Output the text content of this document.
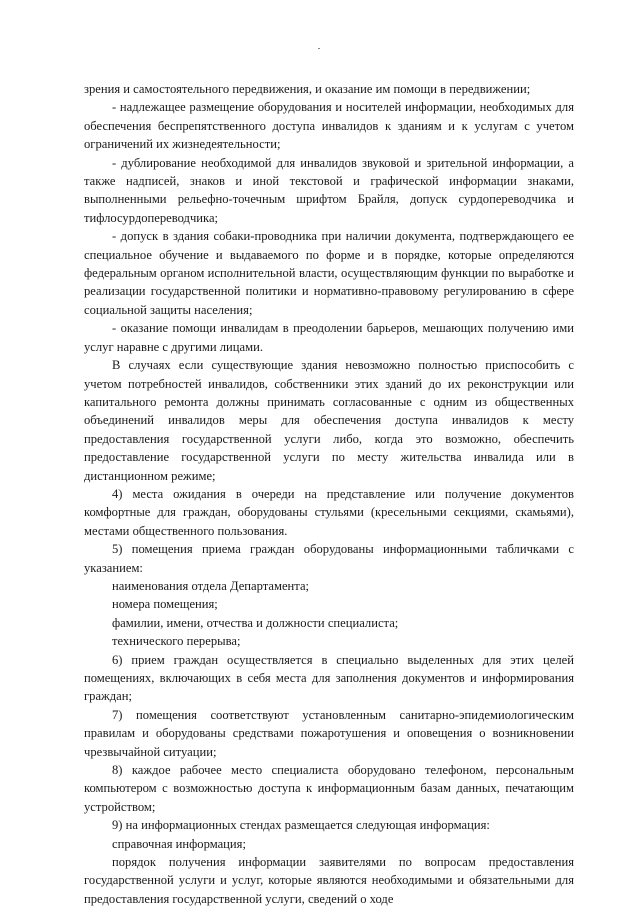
зрения и самостоятельного передвижения, и оказание им помощи в передвижении;

- надлежащее размещение оборудования и носителей информации, необходимых для обеспечения беспрепятственного доступа инвалидов к зданиям и к услугам с учетом ограничений их жизнедеятельности;

- дублирование необходимой для инвалидов звуковой и зрительной информации, а также надписей, знаков и иной текстовой и графической информации знаками, выполненными рельефно-точечным шрифтом Брайля, допуск сурдопереводчика и тифлосурдопереводчика;

- допуск в здания собаки-проводника при наличии документа, подтверждающего ее специальное обучение и выдаваемого по форме и в порядке, которые определяются федеральным органом исполнительной власти, осуществляющим функции по выработке и реализации государственной политики и нормативно-правовому регулированию в сфере социальной защиты населения;

- оказание помощи инвалидам в преодолении барьеров, мешающих получению ими услуг наравне с другими лицами.

В случаях если существующие здания невозможно полностью приспособить с учетом потребностей инвалидов, собственники этих зданий до их реконструкции или капитального ремонта должны принимать согласованные с одним из общественных объединений инвалидов меры для обеспечения доступа инвалидов к месту предоставления государственной услуги либо, когда это возможно, обеспечить предоставление государственной услуги по месту жительства инвалида или в дистанционном режиме;

4) места ожидания в очереди на представление или получение документов комфортные для граждан, оборудованы стульями (кресельными секциями, скамьями), местами общественного пользования.

5) помещения приема граждан оборудованы информационными табличками с указанием:

наименования отдела Департамента;

номера помещения;

фамилии, имени, отчества и должности специалиста;

технического перерыва;

6) прием граждан осуществляется в специально выделенных для этих целей помещениях, включающих в себя места для заполнения документов и информирования граждан;

7) помещения соответствуют установленным санитарно-эпидемиологическим правилам и оборудованы средствами пожаротушения и оповещения о возникновении чрезвычайной ситуации;

8) каждое рабочее место специалиста оборудовано телефоном, персональным компьютером с возможностью доступа к информационным базам данных, печатающим устройством;

9) на информационных стендах размещается следующая информация:

справочная информация;

порядок получения информации заявителями по вопросам предоставления государственной услуги и услуг, которые являются необходимыми и обязательными для предоставления государственной услуги, сведений о ходе
